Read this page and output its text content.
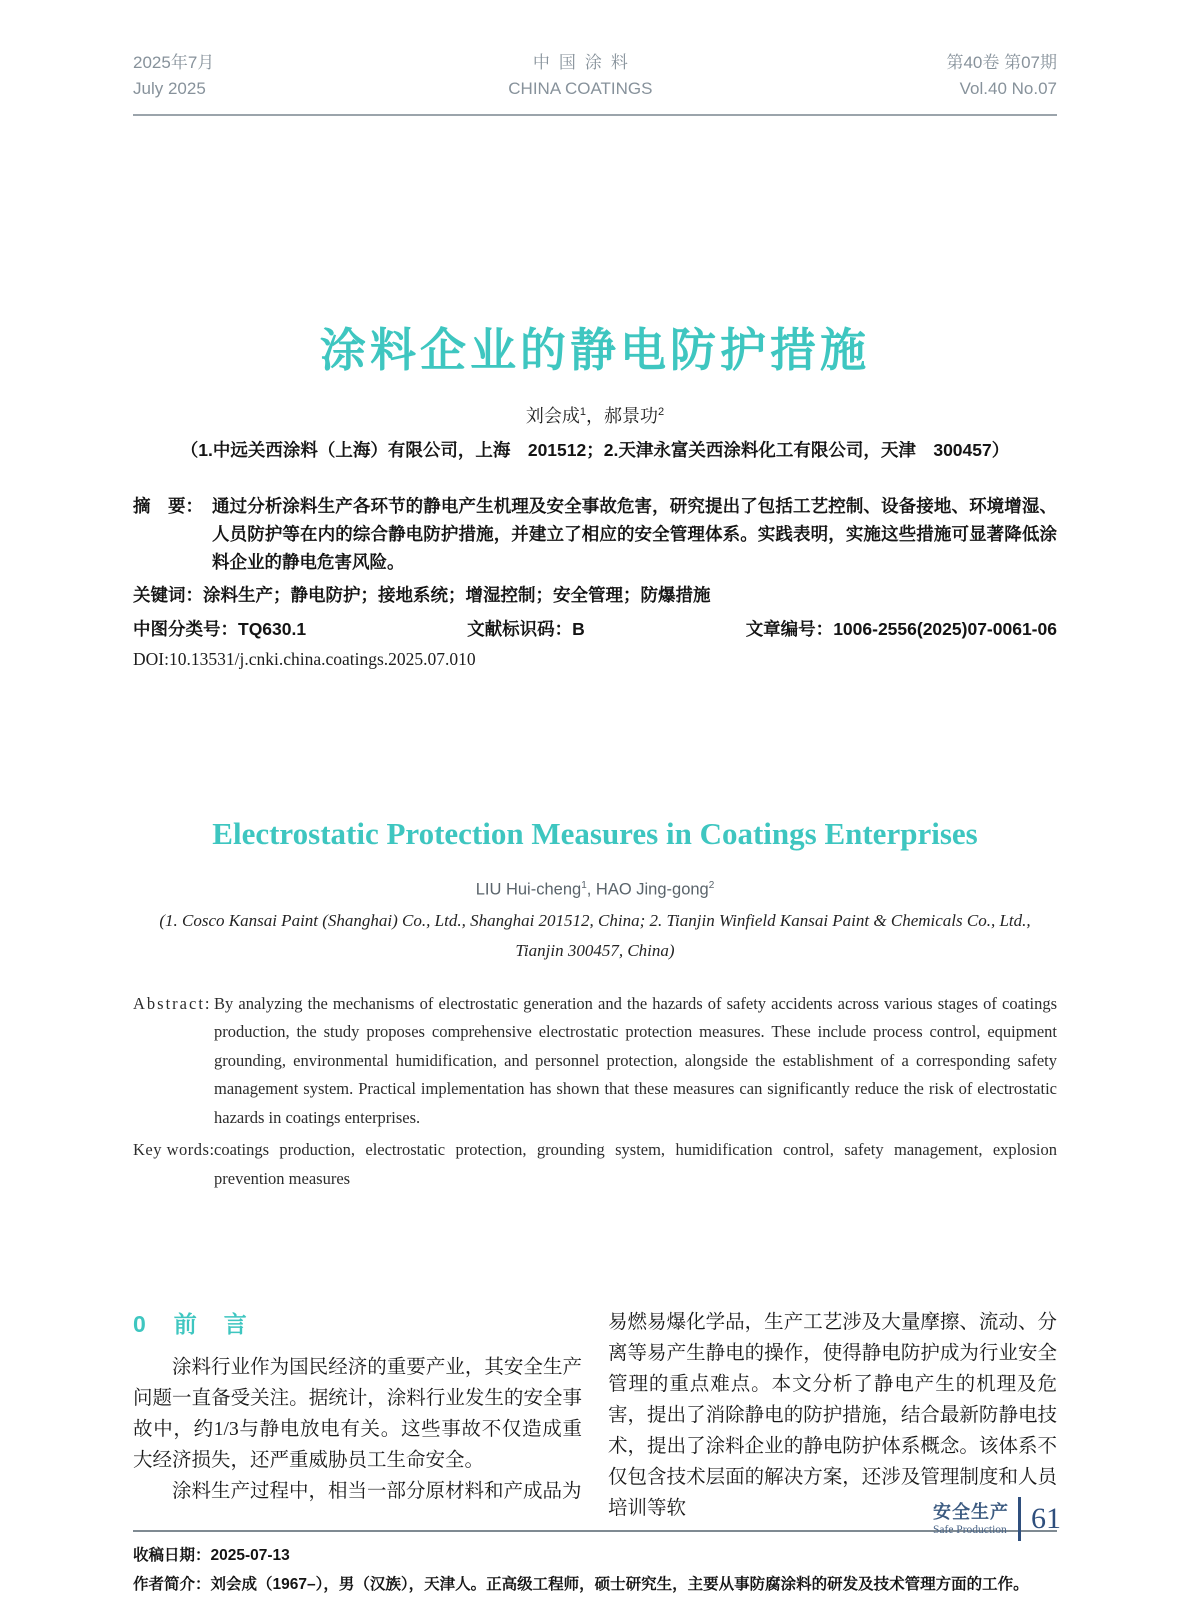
2025年7月
July 2025
中国涂料
CHINA COATINGS
第40卷 第07期
Vol.40 No.07
涂料企业的静电防护措施
刘会成$^1$，郝景功$^2$
（1.中远关西涂料（上海）有限公司，上海　201512；2.天津永富关西涂料化工有限公司，天津　300457）
摘　要： 通过分析涂料生产各环节的静电产生机理及安全事故危害，研究提出了包括工艺控制、设备接地、环境增湿、人员防护等在内的综合静电防护措施，并建立了相应的安全管理体系。实践表明，实施这些措施可显著降低涂料企业的静电危害风险。
关键词：涂料生产；静电防护；接地系统；增湿控制；安全管理；防爆措施
中图分类号：TQ630.1	文献标识码：B	文章编号：1006-2556(2025)07-0061-06
DOI:10.13531/j.cnki.china.coatings.2025.07.010
Electrostatic Protection Measures in Coatings Enterprises
LIU Hui-cheng$^1$, HAO Jing-gong$^2$
(1. Cosco Kansai Paint (Shanghai) Co., Ltd., Shanghai 201512, China; 2. Tianjin Winfield Kansai Paint & Chemicals Co., Ltd.,
Tianjin 300457, China)
Abstract: By analyzing the mechanisms of electrostatic generation and the hazards of safety accidents across various stages of coatings production, the study proposes comprehensive electrostatic protection measures. These include process control, equipment grounding, environmental humidification, and personnel protection, alongside the establishment of a corresponding safety management system. Practical implementation has shown that these measures can significantly reduce the risk of electrostatic hazards in coatings enterprises.
Key words: coatings production, electrostatic protection, grounding system, humidification control, safety management, explosion prevention measures
0 前　言

涂料行业作为国民经济的重要产业，其安全生产问题一直备受关注。据统计，涂料行业发生的安全事故中，约1/3与静电放电有关。这些事故不仅造成重大经济损失，还严重威胁员工生命安全。

涂料生产过程中，相当一部分原材料和产成品为

易燃易爆化学品，生产工艺涉及大量摩擦、流动、分离等易产生静电的操作，使得静电防护成为行业安全管理的重点难点。本文分析了静电产生的机理及危害，提出了消除静电的防护措施，结合最新防静电技术，提出了涂料企业的静电防护体系概念。该体系不仅包含技术层面的解决方案，还涉及管理制度和人员培训等软

收稿日期：2025-07-13
作者简介：刘会成（1967–），男（汉族），天津人。正高级工程师，硕士研究生，主要从事防腐涂料的研发及技术管理方面的工作。
安全生产
Safe Production 61
